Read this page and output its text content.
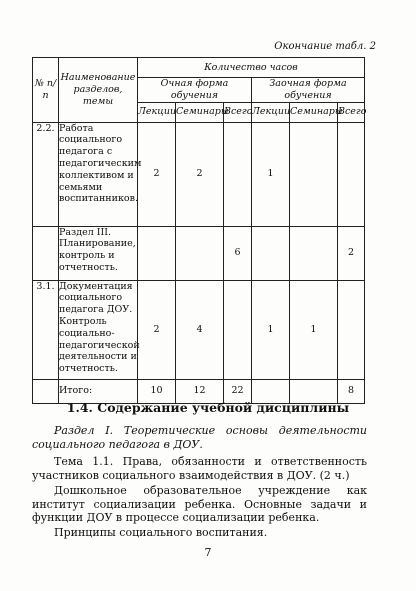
Окончание табл. 2
№ п/п	Наименование разделов, темы	Количество часов					
		Очная форма обучения			Заочная форма обучения		
		Лекции	Семинары	Всего	Лекции	Семинары	Всего
2.2.	Работа социального педагога с педагогическим коллективом и семьями воспитанников.	2	2		1		
	Раздел III. Планирование, контроль и отчетность.			6			2
3.1.	Документация социального педагога ДОУ. Контроль социально-педагогической деятельности и отчетность.	2	4		1	1	
	Итого:	10	12	22			8
1.4. Содержание учебной дисциплины

Раздел I. Теоретические основы деятельности социального педагога в ДОУ.

Тема 1.1. Права, обязанности и ответственность участников социального взаимодействия в ДОУ. (2 ч.)

Дошкольное образовательное учреждение как институт социализации ребенка. Основные задачи и функции ДОУ в процессе социализации ребенка.

Принципы социального воспитания.

7
